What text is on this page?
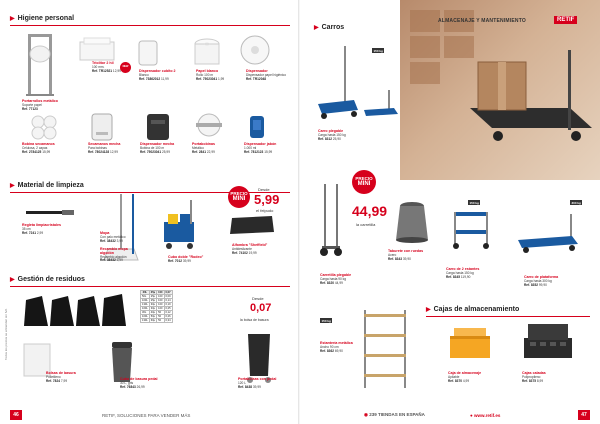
▶ Higiene personal
NEW
Triolitor 2 hil
100 mm.
Ref. TR12521 12,99	Dispensador cubito 2
Blanco
Ref. 73862012 11,99
Papel blanco
Rollo 100 m
Ref. 75023041 1,99
Dispensador
Dispensador papel higiénico
Ref. TR12048
Portarrollos metálico
Soporte papel
Ref. 77123
Bobina secamanos
Celulosa, 2 capas
Ref. 2784125 15,99
Secamanos mecha
Para bobinas
Ref. 78024128 12,99
Dispensador mecha
Bobina de 100 m
Ref. 75023041 25,99
Portabobinas
Metálico
Ref. 2841 22,99
Dispensador jabón
1.000 ml
Ref. 7812123 15,99
▶ Material de limpieza
Regleta limpiacristales
35 cm
Ref. 7241 2,99	Mopa
Con palo metálico
Ref. 38432 3,99
Recambio mopa algodón
Recambio algodón
Ref. 38432 3,99
Cubo doble "Rodeo"
Ref. 7012 39,99
PRECIO
MINI
Desde
5,99
el felpudo
Alfombra "Sheffield"
Antideslizante
Ref. 74102 19,99
▶ Gestión de residuos
Bolsas de basura
Polietileno
Ref. 7824 7,99	Cubo de basura pedal
30 L, gris
Ref. 76843 26,99
30L	25µ	100	0,07
50L	25µ	100	0,09
100L	25µ	100	0,14
130L	30µ	100	0,19
160L	30µ	100	0,25
30L	40µ	50	0,12
100L	50µ	50	0,26
130L	60µ	50	0,34
Desde
0,07
la bolsa de basura
Portabolsas con pedal
120 L
Ref. 8438 39,99
Todos los precios se entienden sin IVA
46	RETIF, SOLUCIONES PARA VENDER MÁS
ALMACENAJE Y MANTENIMIENTO	RETIF
▶ Carros
150 kg
Carro plegable
Carga hasta 150 kg
Ref. 8312 25,90
PRECIO
MINI
44,99
la carretilla
Carretilla plegable
Carga hasta 90 kg
Ref. 8320 44,99
Taburete con ruedas
Acero
Ref. 8343 39,90
150 kg
Carro de 2 estantes
Carga hasta 150 kg
Ref. 8345 119,90
300 kg
Carro de plataforma
Carga hasta 300 kg
Ref. 8352 99,90
150 kg
Estantería metálica
Ancho 90 cm
Ref. 8362 69,90
▶ Cajas de almacenamiento
Caja de almacenaje
Apilable
Ref. 8370 4,99
Cajas caladas
Polipropileno
Ref. 8375 8,99
◉ 239 TIENDAS EN ESPAÑA	● www.retif.es	47
